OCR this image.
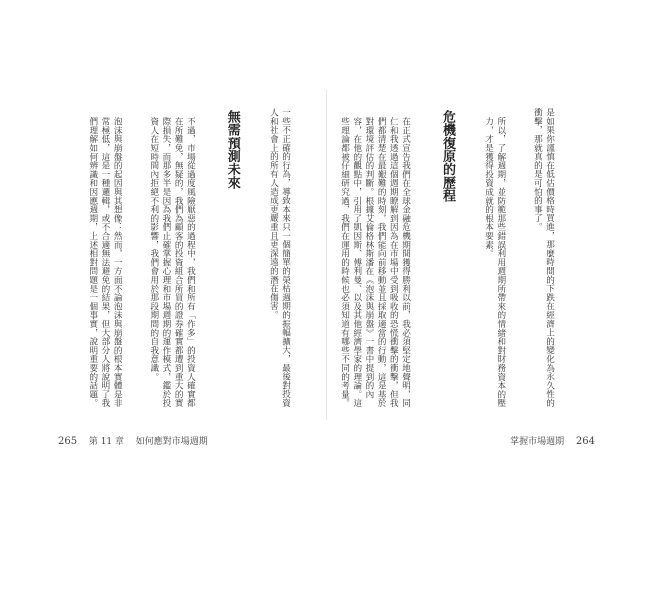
一些不正確的行為，導致本來只一個簡單的榮枯週期的振幅擴大，最後對投資人和社會上的所有人造成更嚴重且更深遠的潛在傷害。

無需預測未來

不過，市場從過度風險厭惡的過程中，我們和所有「作多」的投資人確實都在所難免，無疑的，我們為顧客的投資組合所買的證券確實都遭到重大的實際損失，而那多半是因為我們止確掌握心理和市場週期的運作模式，鑑於投資人在短時間內拒絕不利的影響，我們會用於那段期間的自我意識。

泡沫與崩盤的起因與其想像：然而，一方面不論泡沫與崩盤的根本實體是非常極低，這是一種邏輯，或不合適無法避免的結果，但大部分人將說明了我們理解如何辨識和因應週期，上述相對問題是一個事實，說明重要的話題。

	是如果你謹慎在低估價格時買進，那麼時間的下跌在經濟上的變化為永久性的衝擊，那就真的是可怕的事了。

所以，了解週期，並防範那些錯誤利用週期所帶來的情緒和對財務資本的壓力，才是獲得投資成就的根本要素。

危機復原的歷程

在正式宣告我們在全球金融危機期間獲得勝利以前，我必須堅定地聲明，同仁和我透過這個週期瞭解到因為在市場中受到吸收的恐慌衝擊的衝擊，但我們都清楚在最艱難的時刻，我們能向前移動並且採取適當的行動，這是基於對環境評估的判斷。根據艾倫格林斯潘在《泡沫與崩盤》一書中提到的內容，在他的觀點中，引用了凱因斯、傅利曼、以及其他經濟學家的理論。這些理論都被仔細研究過，我們在運用的時候也必須知道有哪些不同的考量。

265 第 11 章 如何應對市場週期	掌握市場週期 264
